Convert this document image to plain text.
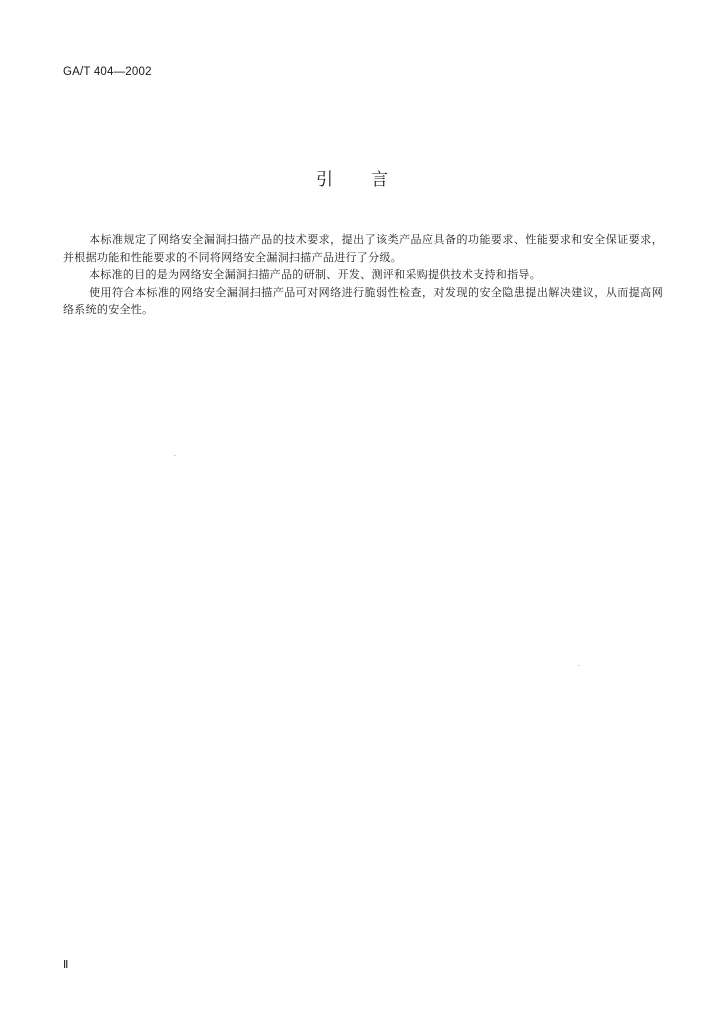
GA/T 404—2002
引 言

本标准规定了网络安全漏洞扫描产品的技术要求，提出了该类产品应具备的功能要求、性能要求和安全保证要求，并根据功能和性能要求的不同将网络安全漏洞扫描产品进行了分级。

本标准的目的是为网络安全漏洞扫描产品的研制、开发、测评和采购提供技术支持和指导。

使用符合本标准的网络安全漏洞扫描产品可对网络进行脆弱性检查，对发现的安全隐患提出解决建议，从而提高网络系统的安全性。

Ⅱ
